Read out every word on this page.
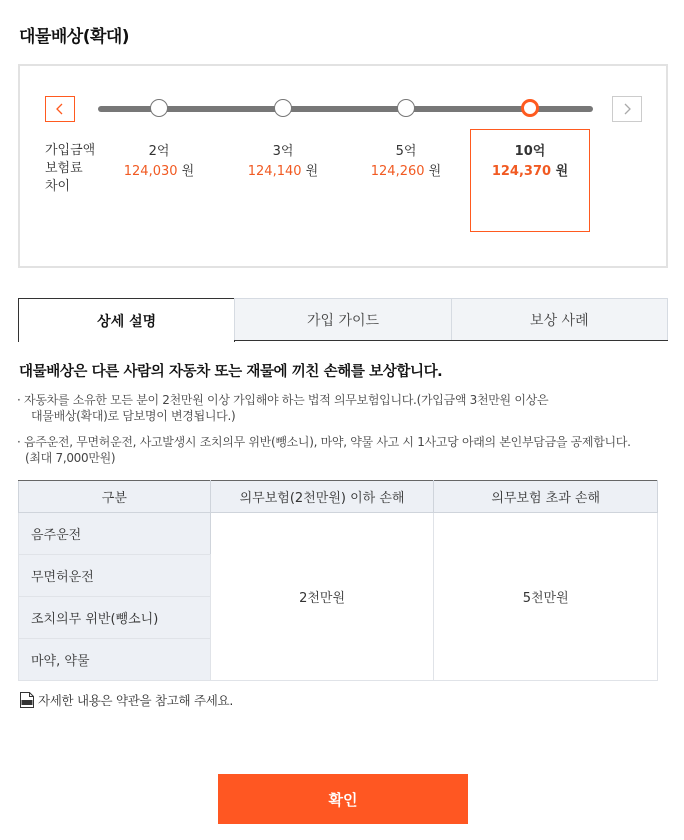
대물배상(확대)
가입금액
보험료
차이
2억
124,030 원
3억
124,140 원
5억
124,260 원
10억
124,370 원
상세 설명	가입 가이드	보상 사례
대물배상은 다른 사람의 자동차 또는 재물에 끼친 손해를 보상합니다.
· 자동차를 소유한 모든 분이 2천만원 이상 가입해야 하는 법적 의무보험입니다.(가입금액 3천만원 이상은
대물배상(확대)로 담보명이 변경됩니다.)
· 음주운전, 무면허운전, 사고발생시 조치의무 위반(뺑소니), 마약, 약물 사고 시 1사고당 아래의 본인부담금을 공제합니다.
(최대 7,000만원)
구분	의무보험(2천만원) 이하 손해	의무보험 초과 손해
음주운전	2천만원	5천만원
무면허운전		
조치의무 위반(뺑소니)		
마약, 약물		
자세한 내용은 약관을 참고해 주세요.
확인
